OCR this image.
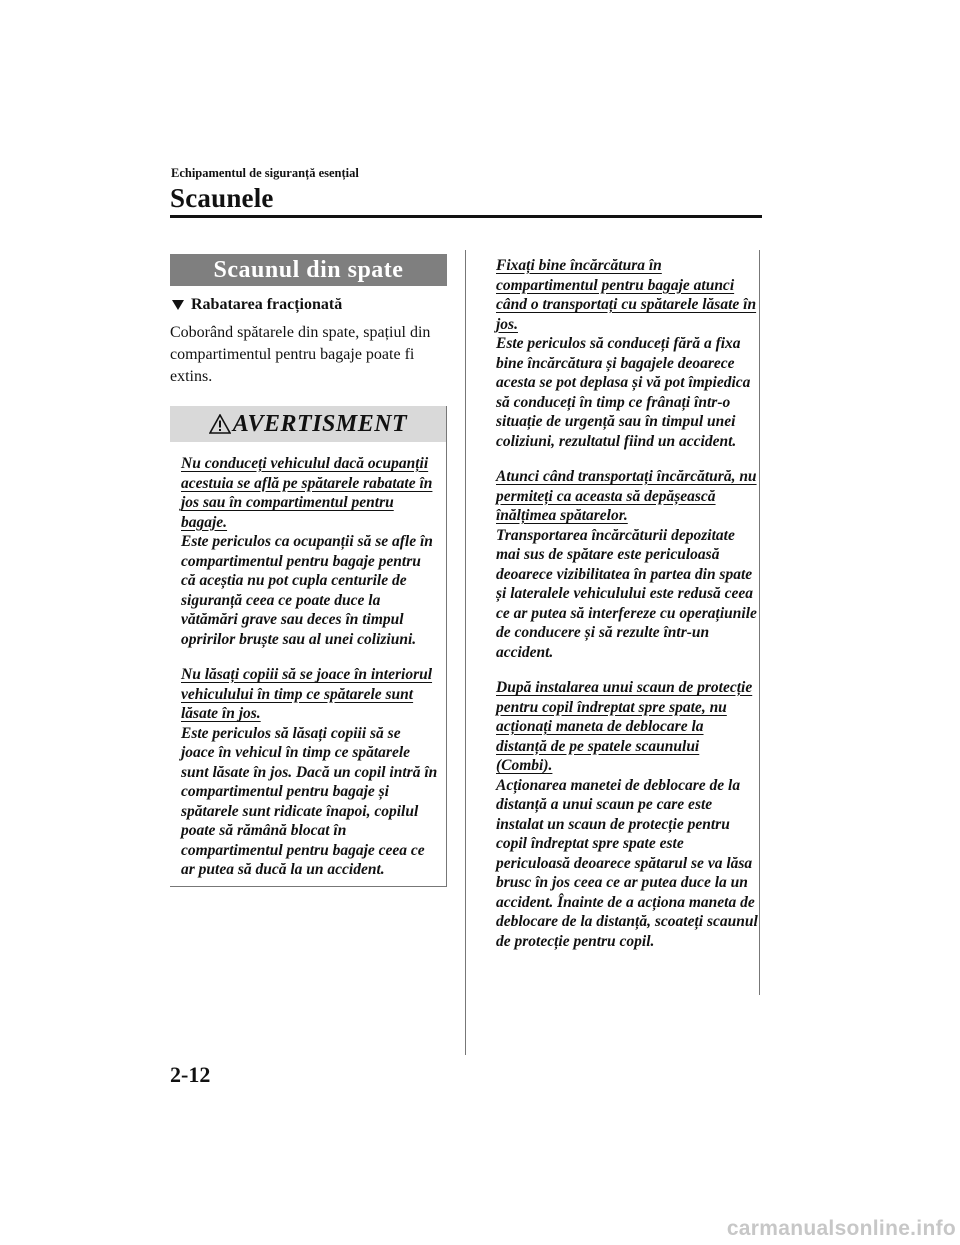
Echipamentul de siguranță esențial
Scaunele
Scaunul din spate
Rabatarea fracționată
Coborând spătarele din spate, spațiul din compartimentul pentru bagaje poate fi extins.
AVERTISMENT
Nu conduceți vehiculul dacă ocupanții acestuia se află pe spătarele rabatate în jos sau în compartimentul pentru bagaje.
Este periculos ca ocupanții să se afle în compartimentul pentru bagaje pentru că aceștia nu pot cupla centurile de siguranță ceea ce poate duce la vătămări grave sau deces în timpul opririlor bruște sau al unei coliziuni.
Nu lăsați copiii să se joace în interiorul vehiculului în timp ce spătarele sunt lăsate în jos.
Este periculos să lăsați copiii să se joace în vehicul în timp ce spătarele sunt lăsate în jos. Dacă un copil intră în compartimentul pentru bagaje și spătarele sunt ridicate înapoi, copilul poate să rămână blocat în compartimentul pentru bagaje ceea ce ar putea să ducă la un accident.
Fixați bine încărcătura în compartimentul pentru bagaje atunci când o transportați cu spătarele lăsate în jos.
Este periculos să conduceți fără a fixa bine încărcătura și bagajele deoarece acesta se pot deplasa și vă pot împiedica să conduceți în timp ce frânați într-o situație de urgență sau în timpul unei coliziuni, rezultatul fiind un accident.
Atunci când transportați încărcătură, nu permiteți ca aceasta să depășească înălțimea spătarelor.
Transportarea încărcăturii depozitate mai sus de spătare este periculoasă deoarece vizibilitatea în partea din spate și lateralele vehiculului este redusă ceea ce ar putea să interfereze cu operațiunile de conducere și să rezulte într-un accident.
După instalarea unui scaun de protecție pentru copil îndreptat spre spate, nu acționați maneta de deblocare la distanță de pe spatele scaunului (Combi).
Acționarea manetei de deblocare de la distanță a unui scaun pe care este instalat un scaun de protecție pentru copil îndreptat spre spate este periculoasă deoarece spătarul se va lăsa brusc în jos ceea ce ar putea duce la un accident. Înainte de a acționa maneta de deblocare de la distanță, scoateți scaunul de protecție pentru copil.
2-12
carmanualsonline.info
